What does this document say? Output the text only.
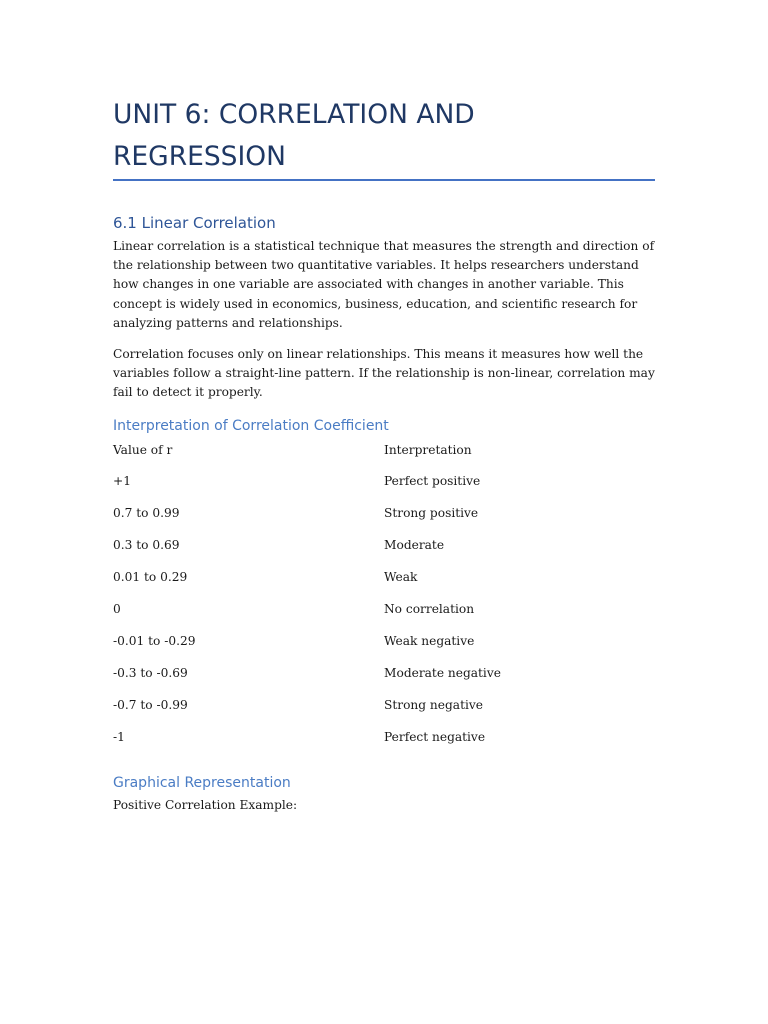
UNIT 6: CORRELATION AND REGRESSION
6.1 Linear Correlation

Linear correlation is a statistical technique that measures the strength and direction of the relationship between two quantitative variables. It helps researchers understand how changes in one variable are associated with changes in another variable. This concept is widely used in economics, business, education, and scientific research for analyzing patterns and relationships.

Correlation focuses only on linear relationships. This means it measures how well the variables follow a straight-line pattern. If the relationship is non-linear, correlation may fail to detect it properly.

Interpretation of Correlation Coefficient
Value of r	Interpretation
+1	Perfect positive
0.7 to 0.99	Strong positive
0.3 to 0.69	Moderate
0.01 to 0.29	Weak
0	No correlation
-0.01 to -0.29	Weak negative
-0.3 to -0.69	Moderate negative
-0.7 to -0.99	Strong negative
-1	Perfect negative
Graphical Representation

Positive Correlation Example:
